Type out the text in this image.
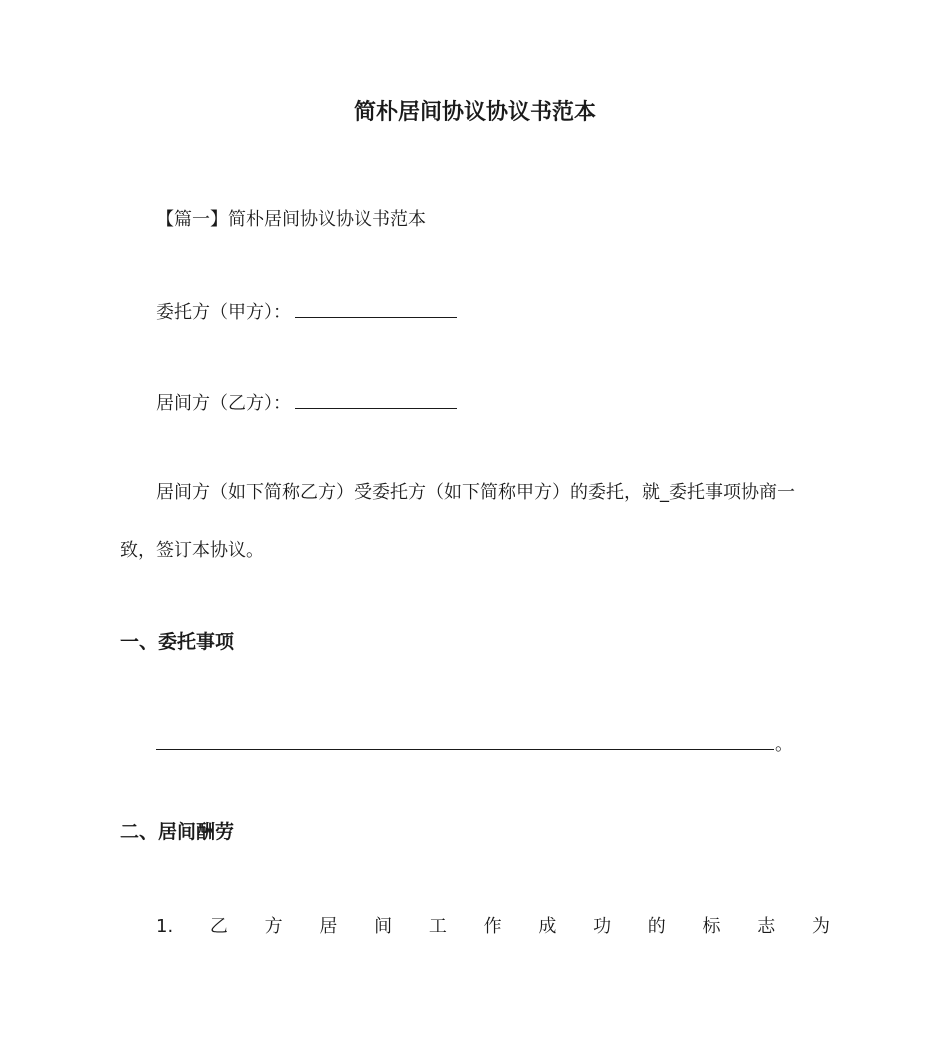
简朴居间协议协议书范本
【篇一】简朴居间协议协议书范本
委托方（甲方）：
居间方（乙方）：
居间方（如下简称乙方）受委托方（如下简称甲方）的委托，就_委托事项协商一
致，签订本协议。
一、委托事项
。
二、居间酬劳
1. 乙 方 居 间 工 作 成 功 的 标 志 为
